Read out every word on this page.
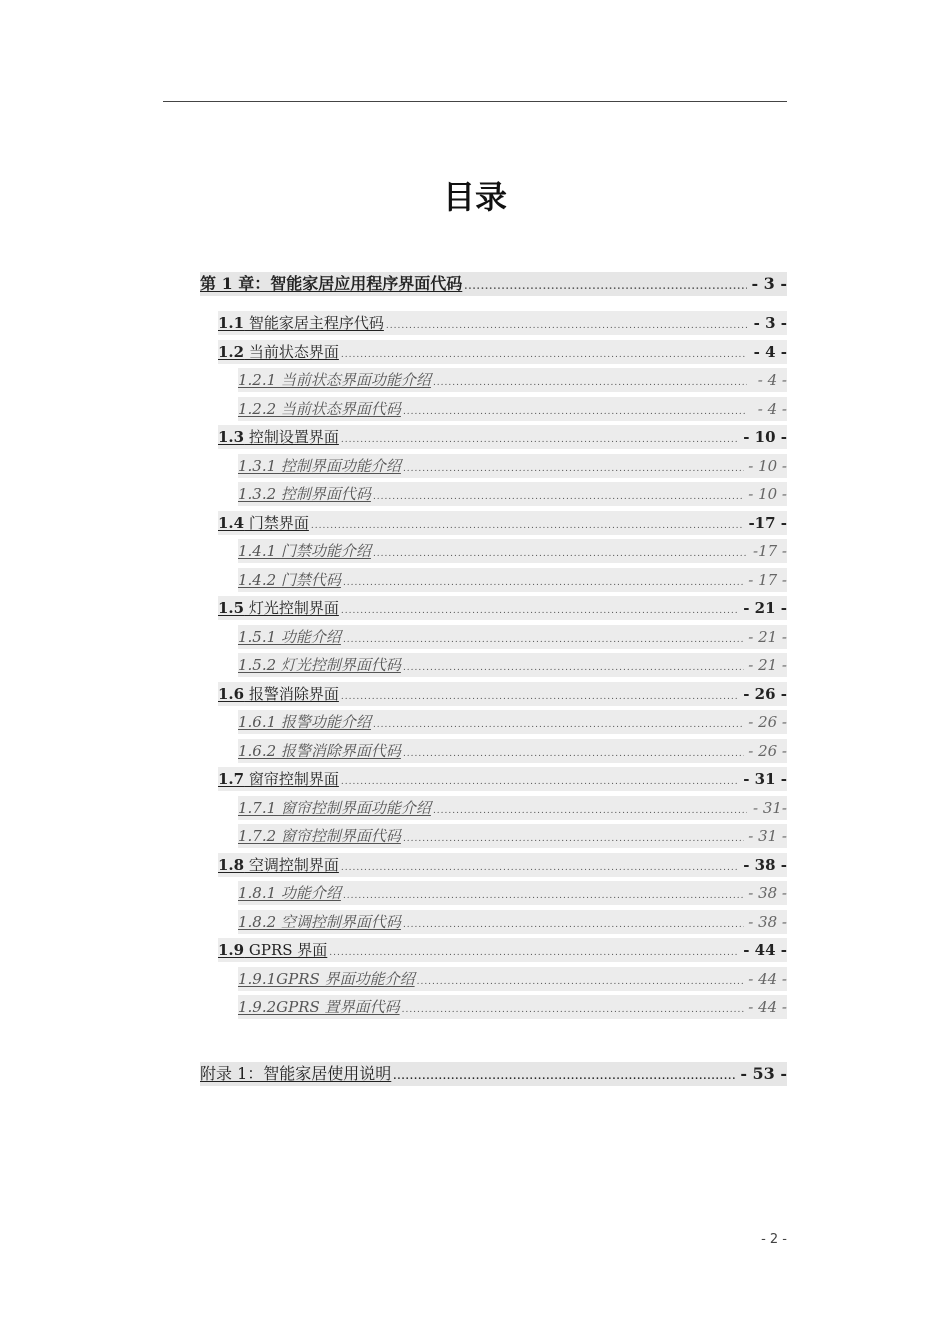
目录
第 1 章：智能家居应用程序界面代码 .....	- 3 -
1.1 智能家居主程序代码 .....	- 3 -
1.2 当前状态界面 .....	- 4 -
1.2.1 当前状态界面功能介绍 .....	- 4 -
1.2.2 当前状态界面代码 .....	- 4 -
1.3 控制设置界面 .....	- 10 -
1.3.1 控制界面功能介绍 .....	- 10 -
1.3.2 控制界面代码 .....	- 10 -
1.4 门禁界面 .....	-17 -
1.4.1 门禁功能介绍 .....	-17 -
1.4.2 门禁代码 .....	- 17 -
1.5 灯光控制界面 .....	- 21 -
1.5.1 功能介绍 .....	- 21 -
1.5.2 灯光控制界面代码 .....	- 21 -
1.6 报警消除界面 .....	- 26 -
1.6.1 报警功能介绍 .....	- 26 -
1.6.2 报警消除界面代码 .....	- 26 -
1.7 窗帘控制界面 .....	- 31 -
1.7.1 窗帘控制界面功能介绍 .....	- 31-
1.7.2 窗帘控制界面代码 .....	- 31 -
1.8 空调控制界面 .....	- 38 -
1.8.1 功能介绍 .....	- 38 -
1.8.2 空调控制界面代码 .....	- 38 -
1.9 GPRS 界面 .....	- 44 -
1.9.1GPRS 界面功能介绍 .....	- 44 -
1.9.2GPRS 置界面代码 .....	- 44 -
附录 1：智能家居使用说明 .....	- 53 -
- 2 -
